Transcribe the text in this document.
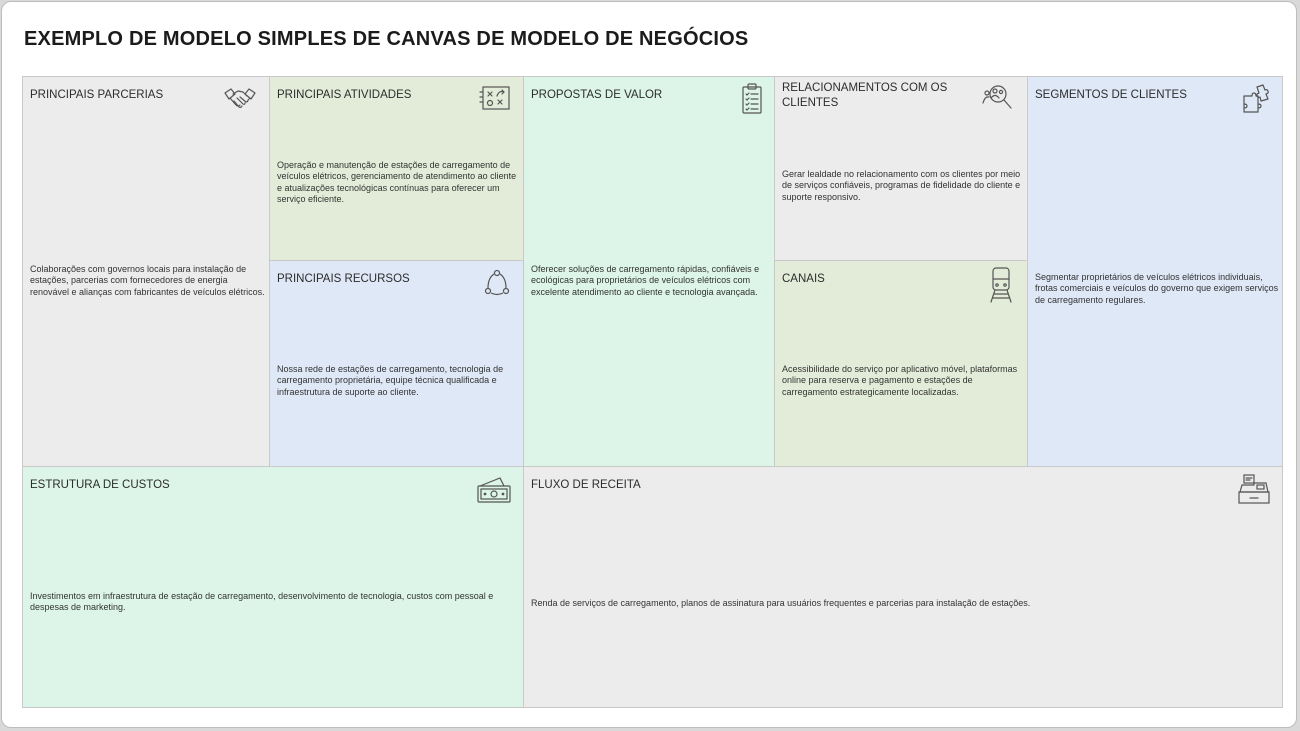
EXEMPLO DE MODELO SIMPLES DE CANVAS DE MODELO DE NEGÓCIOS
PRINCIPAIS PARCERIAS
Colaborações com governos locais para instalação de estações, parcerias com fornecedores de energia renovável e alianças com fabricantes de veículos elétricos.
PRINCIPAIS ATIVIDADES
Operação e manutenção de estações de carregamento de veículos elétricos, gerenciamento de atendimento ao cliente e atualizações tecnológicas contínuas para oferecer um serviço eficiente.
PRINCIPAIS RECURSOS
Nossa rede de estações de carregamento, tecnologia de carregamento proprietária, equipe técnica qualificada e infraestrutura de suporte ao cliente.
PROPOSTAS DE VALOR
Oferecer soluções de carregamento rápidas, confiáveis e ecológicas para proprietários de veículos elétricos com excelente atendimento ao cliente e tecnologia avançada.
RELACIONAMENTOS COM OS CLIENTES
Gerar lealdade no relacionamento com os clientes por meio de serviços confiáveis, programas de fidelidade do cliente e suporte responsivo.
CANAIS
Acessibilidade do serviço por aplicativo móvel, plataformas online para reserva e pagamento e estações de carregamento estrategicamente localizadas.
SEGMENTOS DE CLIENTES
Segmentar proprietários de veículos elétricos individuais, frotas comerciais e veículos do governo que exigem serviços de carregamento regulares.
ESTRUTURA DE CUSTOS
Investimentos em infraestrutura de estação de carregamento, desenvolvimento de tecnologia, custos com pessoal e despesas de marketing.
FLUXO DE RECEITA
Renda de serviços de carregamento, planos de assinatura para usuários frequentes e parcerias para instalação de estações.
